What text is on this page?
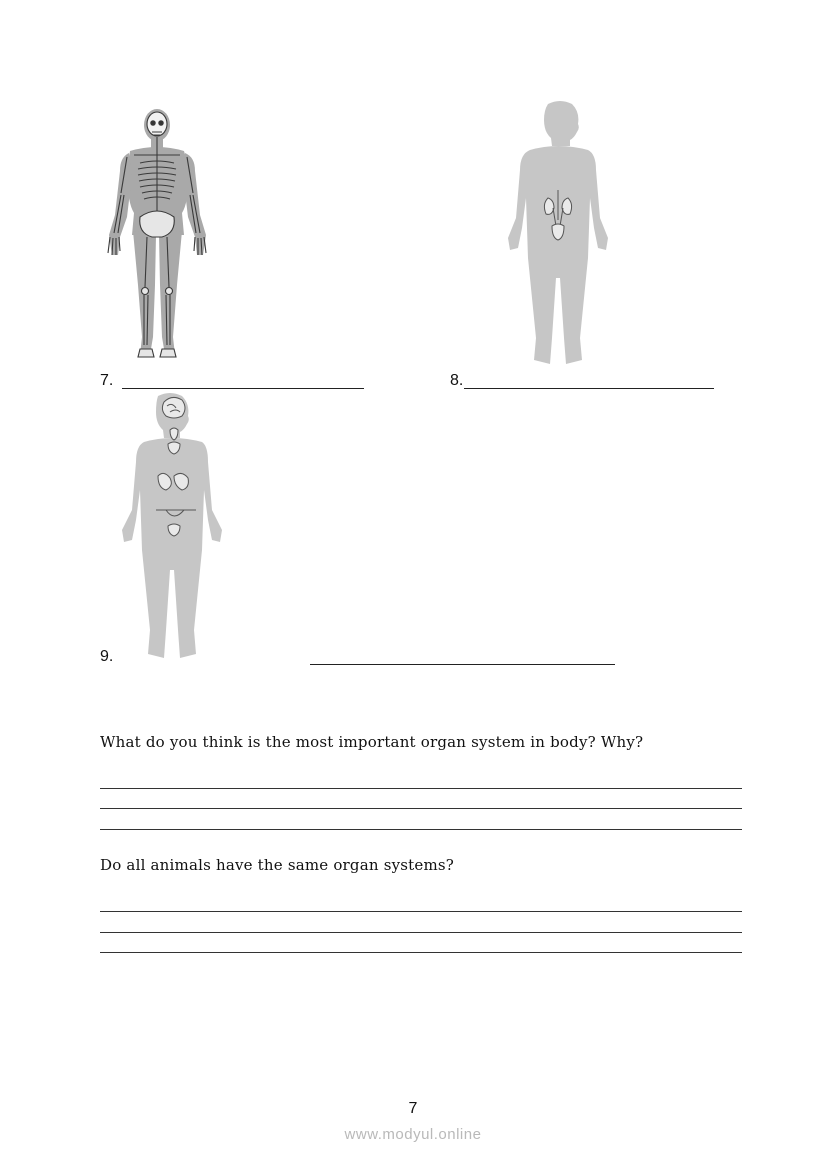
7.	8.
9.
What do you think is the most important organ system in body? Why?
Do all animals have the same organ systems?
7
www.modyul.online
